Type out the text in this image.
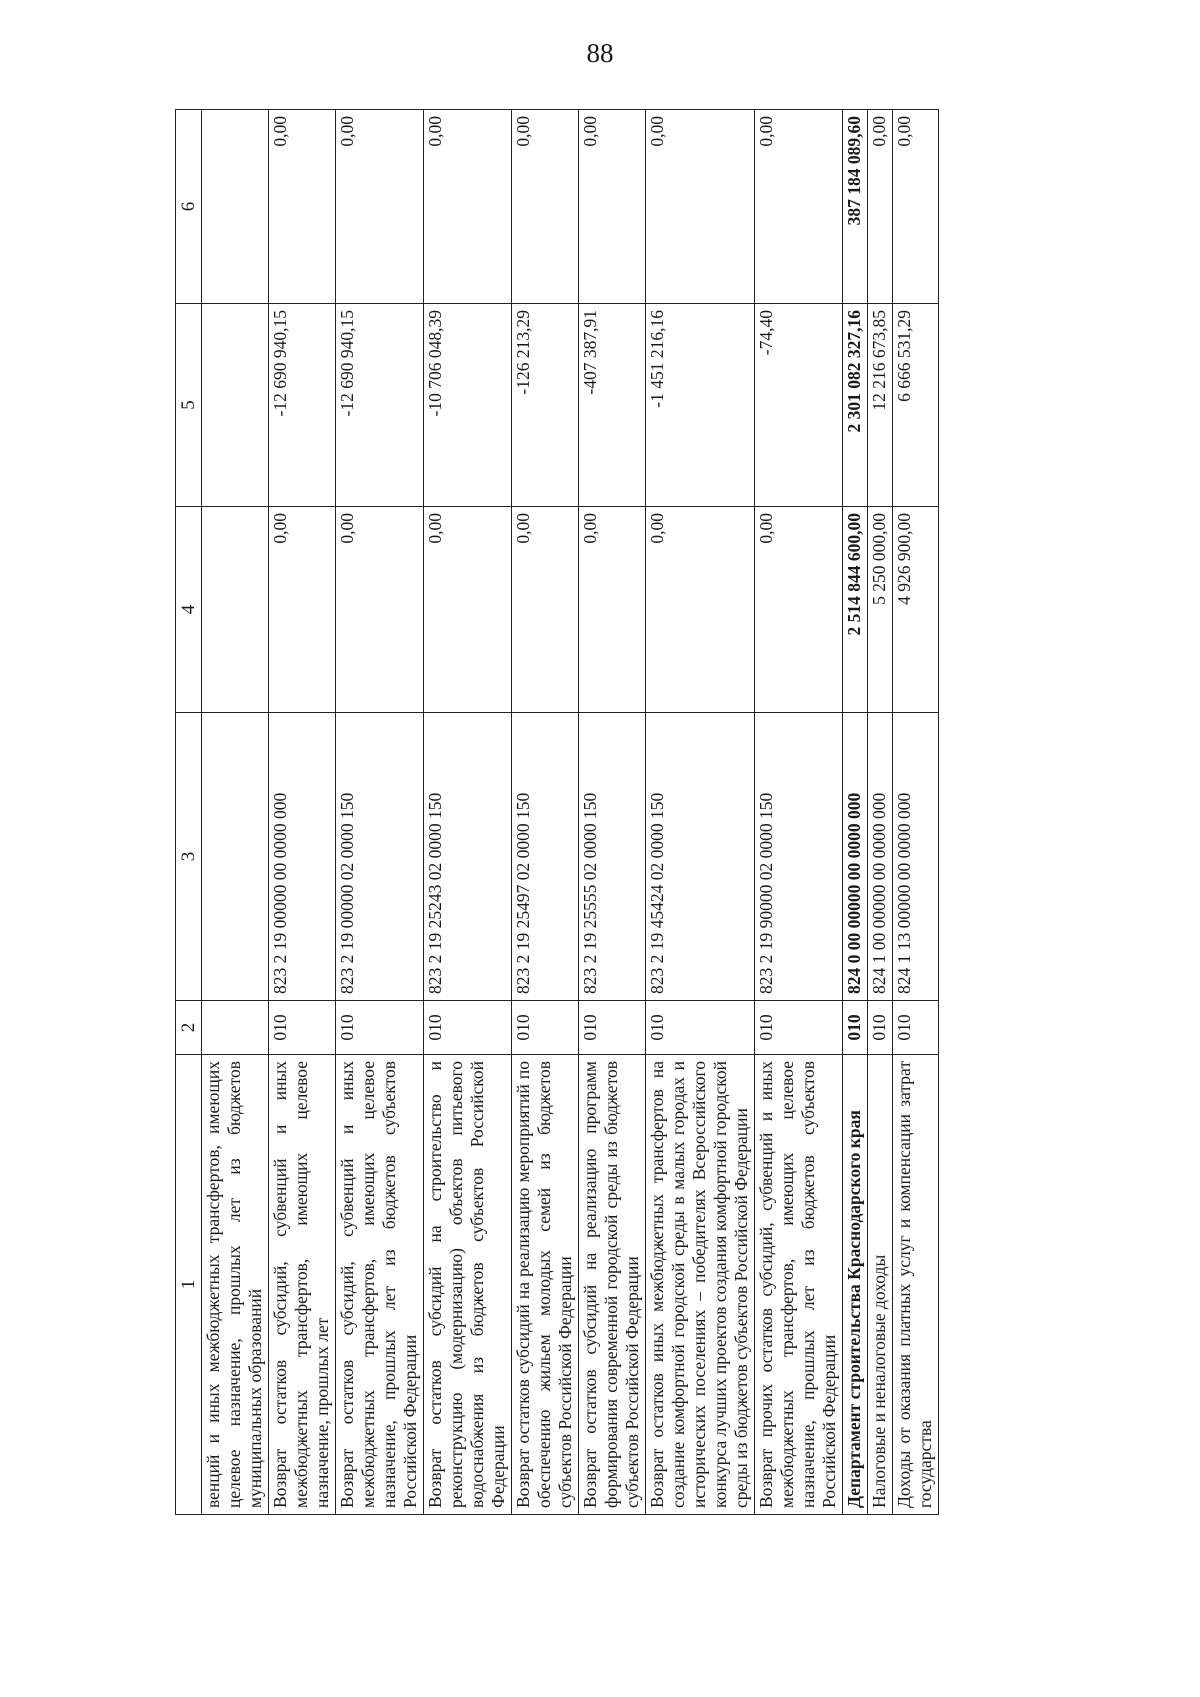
88
1	2	3	4	5	6
венций и иных межбюджетных трансфертов, имеющих целевое назначение, прошлых лет из бюджетов муниципальных образований					
Возврат остатков субсидий, субвенций и иных межбюджетных трансфертов, имеющих целевое назначение, прошлых лет	010	823 2 19 00000 00 0000 000	0,00	-12 690 940,15	0,00
Возврат остатков субсидий, субвенций и иных межбюджетных трансфертов, имеющих целевое назначение, прошлых лет из бюджетов субъектов Российской Федерации	010	823 2 19 00000 02 0000 150	0,00	-12 690 940,15	0,00
Возврат остатков субсидий на строительство и реконструкцию (модернизацию) объектов питьевого водоснабжения из бюджетов субъектов Российской Федерации	010	823 2 19 25243 02 0000 150	0,00	-10 706 048,39	0,00
Возврат остатков субсидий на реализацию мероприятий по обеспечению жильем молодых семей из бюджетов субъектов Российской Федерации	010	823 2 19 25497 02 0000 150	0,00	-126 213,29	0,00
Возврат остатков субсидий на реализацию программ формирования современной городской среды из бюджетов субъектов Российской Федерации	010	823 2 19 25555 02 0000 150	0,00	-407 387,91	0,00
Возврат остатков иных межбюджетных трансфертов на создание комфортной городской среды в малых городах и исторических поселениях – победителях Всероссийского конкурса лучших проектов создания комфортной городской среды из бюджетов субъектов Российской Федерации	010	823 2 19 45424 02 0000 150	0,00	-1 451 216,16	0,00
Возврат прочих остатков субсидий, субвенций и иных межбюджетных трансфертов, имеющих целевое назначение, прошлых лет из бюджетов субъектов Российской Федерации	010	823 2 19 90000 02 0000 150	0,00	-74,40	0,00
Департамент строительства Краснодарского края	010	824 0 00 00000 00 0000 000	2 514 844 600,00	2 301 082 327,16	387 184 089,60
Налоговые и неналоговые доходы	010	824 1 00 00000 00 0000 000	5 250 000,00	12 216 673,85	0,00
Доходы от оказания платных услуг и компенсации затрат государства	010	824 1 13 00000 00 0000 000	4 926 900,00	6 666 531,29	0,00
